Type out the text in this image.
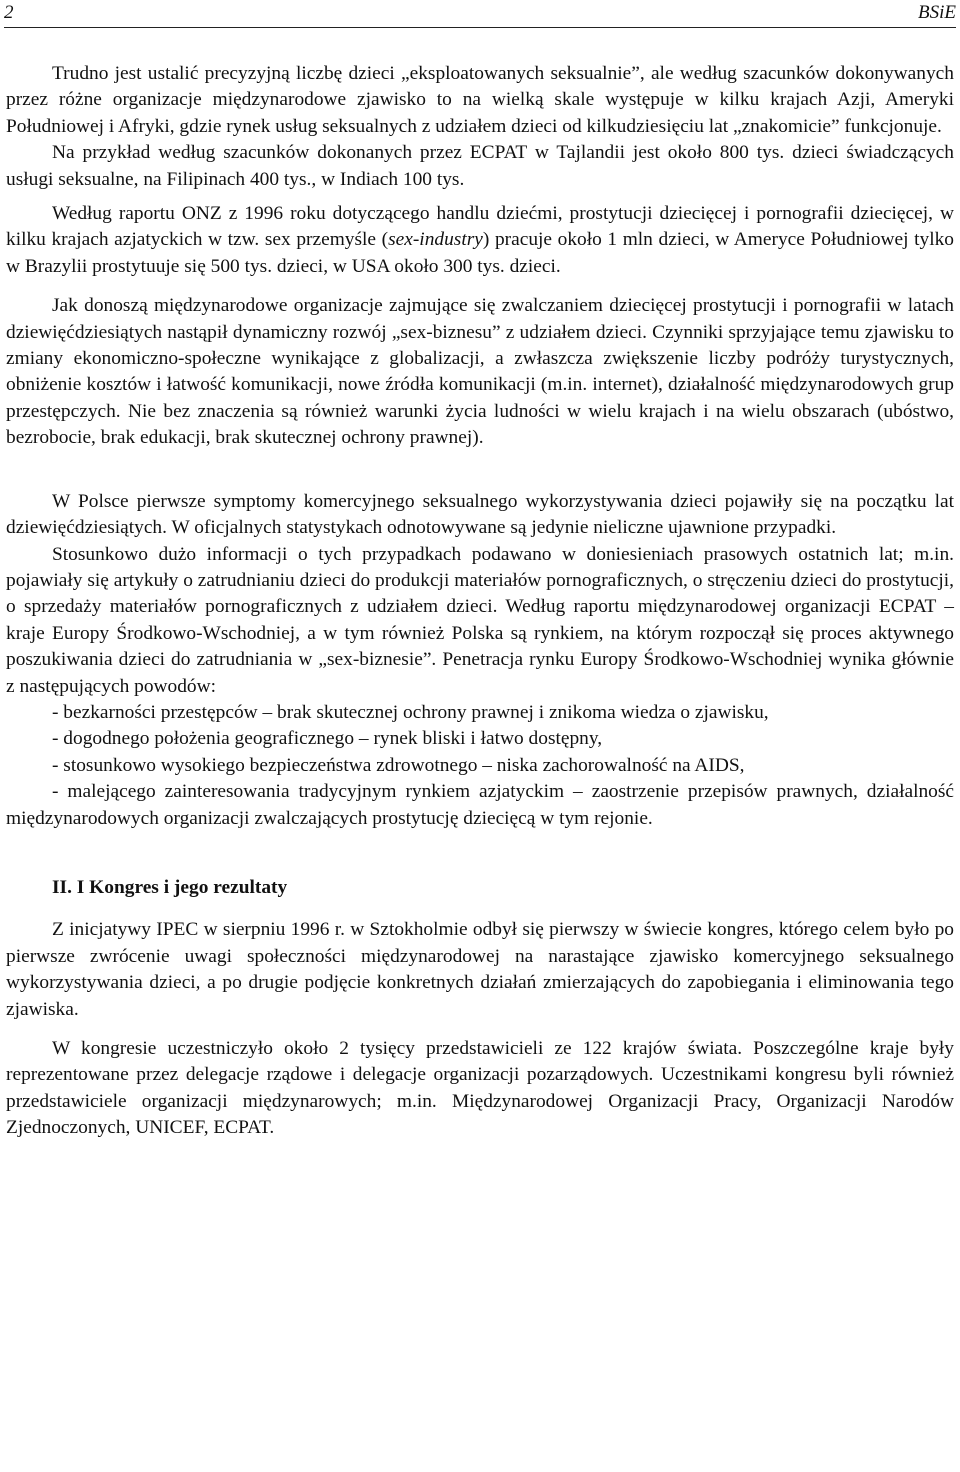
2	BSiE

Trudno jest ustalić precyzyjną liczbę dzieci „eksploatowanych seksualnie”, ale według szacunków dokonywanych przez różne organizacje międzynarodowe zjawisko to na wielką skale występuje w kilku krajach Azji, Ameryki Południowej i Afryki, gdzie rynek usług seksualnych z udziałem dzieci od kilkudziesięciu lat „znakomicie” funkcjonuje.

Na przykład według szacunków dokonanych przez ECPAT w Tajlandii jest około 800 tys. dzieci świadczących usługi seksualne, na Filipinach 400 tys., w Indiach 100 tys.

Według raportu ONZ z 1996 roku dotyczącego handlu dziećmi, prostytucji dziecięcej i pornografii dziecięcej, w kilku krajach azjatyckich w tzw. sex przemyśle (sex-industry) pracuje około 1 mln dzieci, w Ameryce Południowej tylko w Brazylii prostytuuje się 500 tys. dzieci, w USA około 300 tys. dzieci.

Jak donoszą międzynarodowe organizacje zajmujące się zwalczaniem dziecięcej prostytucji i pornografii w latach dziewięćdziesiątych nastąpił dynamiczny rozwój „sex-biznesu” z udziałem dzieci. Czynniki sprzyjające temu zjawisku to zmiany ekonomiczno-społeczne wynikające z globalizacji, a zwłaszcza zwiększenie liczby podróży turystycznych, obniżenie kosztów i łatwość komunikacji, nowe źródła komunikacji (m.in. internet), działalność międzynarodowych grup przestępczych. Nie bez znaczenia są również warunki życia ludności w wielu krajach i na wielu obszarach (ubóstwo, bezrobocie, brak edukacji, brak skutecznej ochrony prawnej).

W Polsce pierwsze symptomy komercyjnego seksualnego wykorzystywania dzieci pojawiły się na początku lat dziewięćdziesiątych. W oficjalnych statystykach odnotowywane są jedynie nieliczne ujawnione przypadki.

Stosunkowo dużo informacji o tych przypadkach podawano w doniesieniach prasowych ostatnich lat; m.in. pojawiały się artykuły o zatrudnianiu dzieci do produkcji materiałów pornograficznych, o stręczeniu dzieci do prostytucji, o sprzedaży materiałów pornograficznych z udziałem dzieci. Według raportu międzynarodowej organizacji ECPAT – kraje Europy Środkowo-Wschodniej, a w tym również Polska są rynkiem, na którym rozpoczął się proces aktywnego poszukiwania dzieci do zatrudniania w „sex-biznesie”. Penetracja rynku Europy Środkowo-Wschodniej wynika głównie z następujących powodów:

- bezkarności przestępców – brak skutecznej ochrony prawnej i znikoma wiedza o zjawisku,
- dogodnego położenia geograficznego – rynek bliski i łatwo dostępny,
- stosunkowo wysokiego bezpieczeństwa zdrowotnego – niska zachorowalność na AIDS,
- malejącego zainteresowania tradycyjnym rynkiem azjatyckim – zaostrzenie przepisów prawnych, działalność międzynarodowych organizacji zwalczających prostytucję dziecięcą w tym rejonie.
II. I Kongres i jego rezultaty

Z inicjatywy IPEC w sierpniu 1996 r. w Sztokholmie odbył się pierwszy w świecie kongres, którego celem było po pierwsze zwrócenie uwagi społeczności międzynarodowej na narastające zjawisko komercyjnego seksualnego wykorzystywania dzieci, a po drugie podjęcie konkretnych działań zmierzających do zapobiegania i eliminowania tego zjawiska.

W kongresie uczestniczyło około 2 tysięcy przedstawicieli ze 122 krajów świata. Poszczególne kraje były reprezentowane przez delegacje rządowe i delegacje organizacji pozarządowych. Uczestnikami kongresu byli również przedstawiciele organizacji międzynarowych; m.in. Międzynarodowej Organizacji Pracy, Organizacji Narodów Zjednoczonych, UNICEF, ECPAT.
